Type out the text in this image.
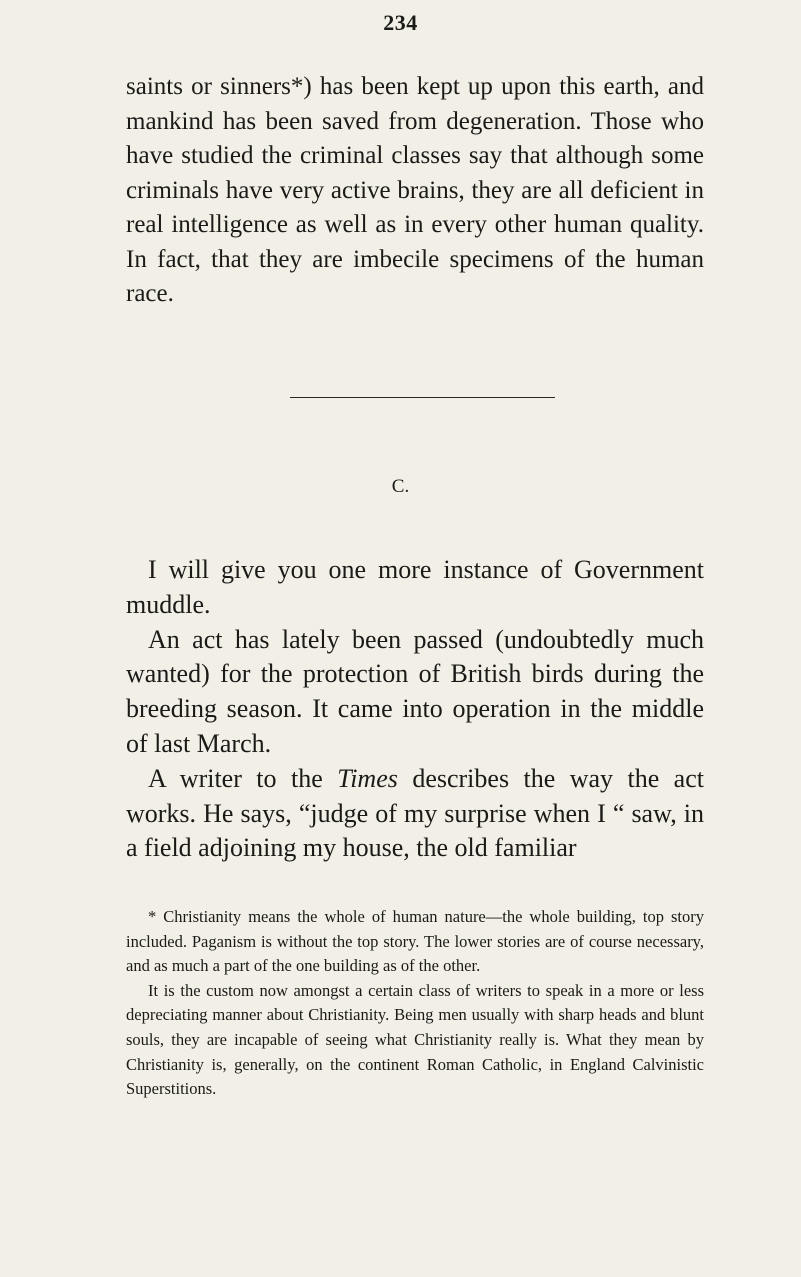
234

saints or sinners*) has been kept up upon this earth, and mankind has been saved from degeneration. Those who have studied the criminal classes say that although some criminals have very active brains, they are all deficient in real intelligence as well as in every other human quality. In fact, that they are imbecile specimens of the human race.

C.

I will give you one more instance of Government muddle.

An act has lately been passed (undoubtedly much wanted) for the protection of British birds during the breeding season. It came into operation in the middle of last March.

A writer to the Times describes the way the act works. He says, “judge of my surprise when I “ saw, in a field adjoining my house, the old familiar

* Christianity means the whole of human nature—the whole building, top story included. Paganism is without the top story. The lower stories are of course necessary, and as much a part of the one building as of the other.

It is the custom now amongst a certain class of writers to speak in a more or less depreciating manner about Christianity. Being men usually with sharp heads and blunt souls, they are incapable of seeing what Christianity really is. What they mean by Christianity is, generally, on the continent Roman Catholic, in England Calvinistic Superstitions.
